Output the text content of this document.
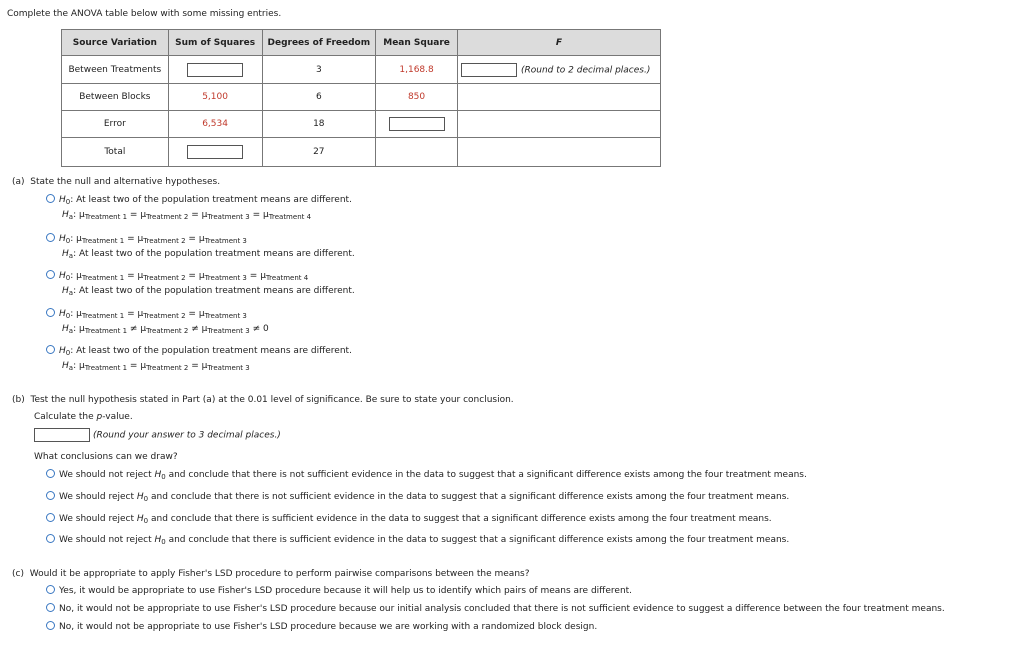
Complete the ANOVA table below with some missing entries.
Source Variation	Sum of Squares	Degrees of Freedom	Mean Square	F
Between Treatments		3	1,168.8	(Round to 2 decimal places.)
Between Blocks	5,100	6	850	
Error	6,534	18		
Total		27		
(a) State the null and alternative hypotheses.
$H_0$: At least two of the population treatment means are different.
$H_a$: $\mu_{Treatment 1} = \mu_{Treatment 2} = \mu_{Treatment 3} = \mu_{Treatment 4}$
$H_0$: $\mu_{Treatment 1} = \mu_{Treatment 2} = \mu_{Treatment 3}$
$H_a$: At least two of the population treatment means are different.
$H_0$: $\mu_{Treatment 1} = \mu_{Treatment 2} = \mu_{Treatment 3} = \mu_{Treatment 4}$
$H_a$: At least two of the population treatment means are different.
$H_0$: $\mu_{Treatment 1} = \mu_{Treatment 2} = \mu_{Treatment 3}$
$H_a$: $\mu_{Treatment 1} \ne \mu_{Treatment 2} \ne \mu_{Treatment 3} \ne 0$
$H_0$: At least two of the population treatment means are different.
$H_a$: $\mu_{Treatment 1} = \mu_{Treatment 2} = \mu_{Treatment 3}$
(b) Test the null hypothesis stated in Part (a) at the 0.01 level of significance. Be sure to state your conclusion.
Calculate the p-value.
(Round your answer to 3 decimal places.)
What conclusions can we draw?
We should not reject $H_0$ and conclude that there is not sufficient evidence in the data to suggest that a significant difference exists among the four treatment means.
We should reject $H_0$ and conclude that there is not sufficient evidence in the data to suggest that a significant difference exists among the four treatment means.
We should reject $H_0$ and conclude that there is sufficient evidence in the data to suggest that a significant difference exists among the four treatment means.
We should not reject $H_0$ and conclude that there is sufficient evidence in the data to suggest that a significant difference exists among the four treatment means.
(c) Would it be appropriate to apply Fisher's LSD procedure to perform pairwise comparisons between the means?
Yes, it would be appropriate to use Fisher's LSD procedure because it will help us to identify which pairs of means are different.
No, it would not be appropriate to use Fisher's LSD procedure because our initial analysis concluded that there is not sufficient evidence to suggest a difference between the four treatment means.
No, it would not be appropriate to use Fisher's LSD procedure because we are working with a randomized block design.
